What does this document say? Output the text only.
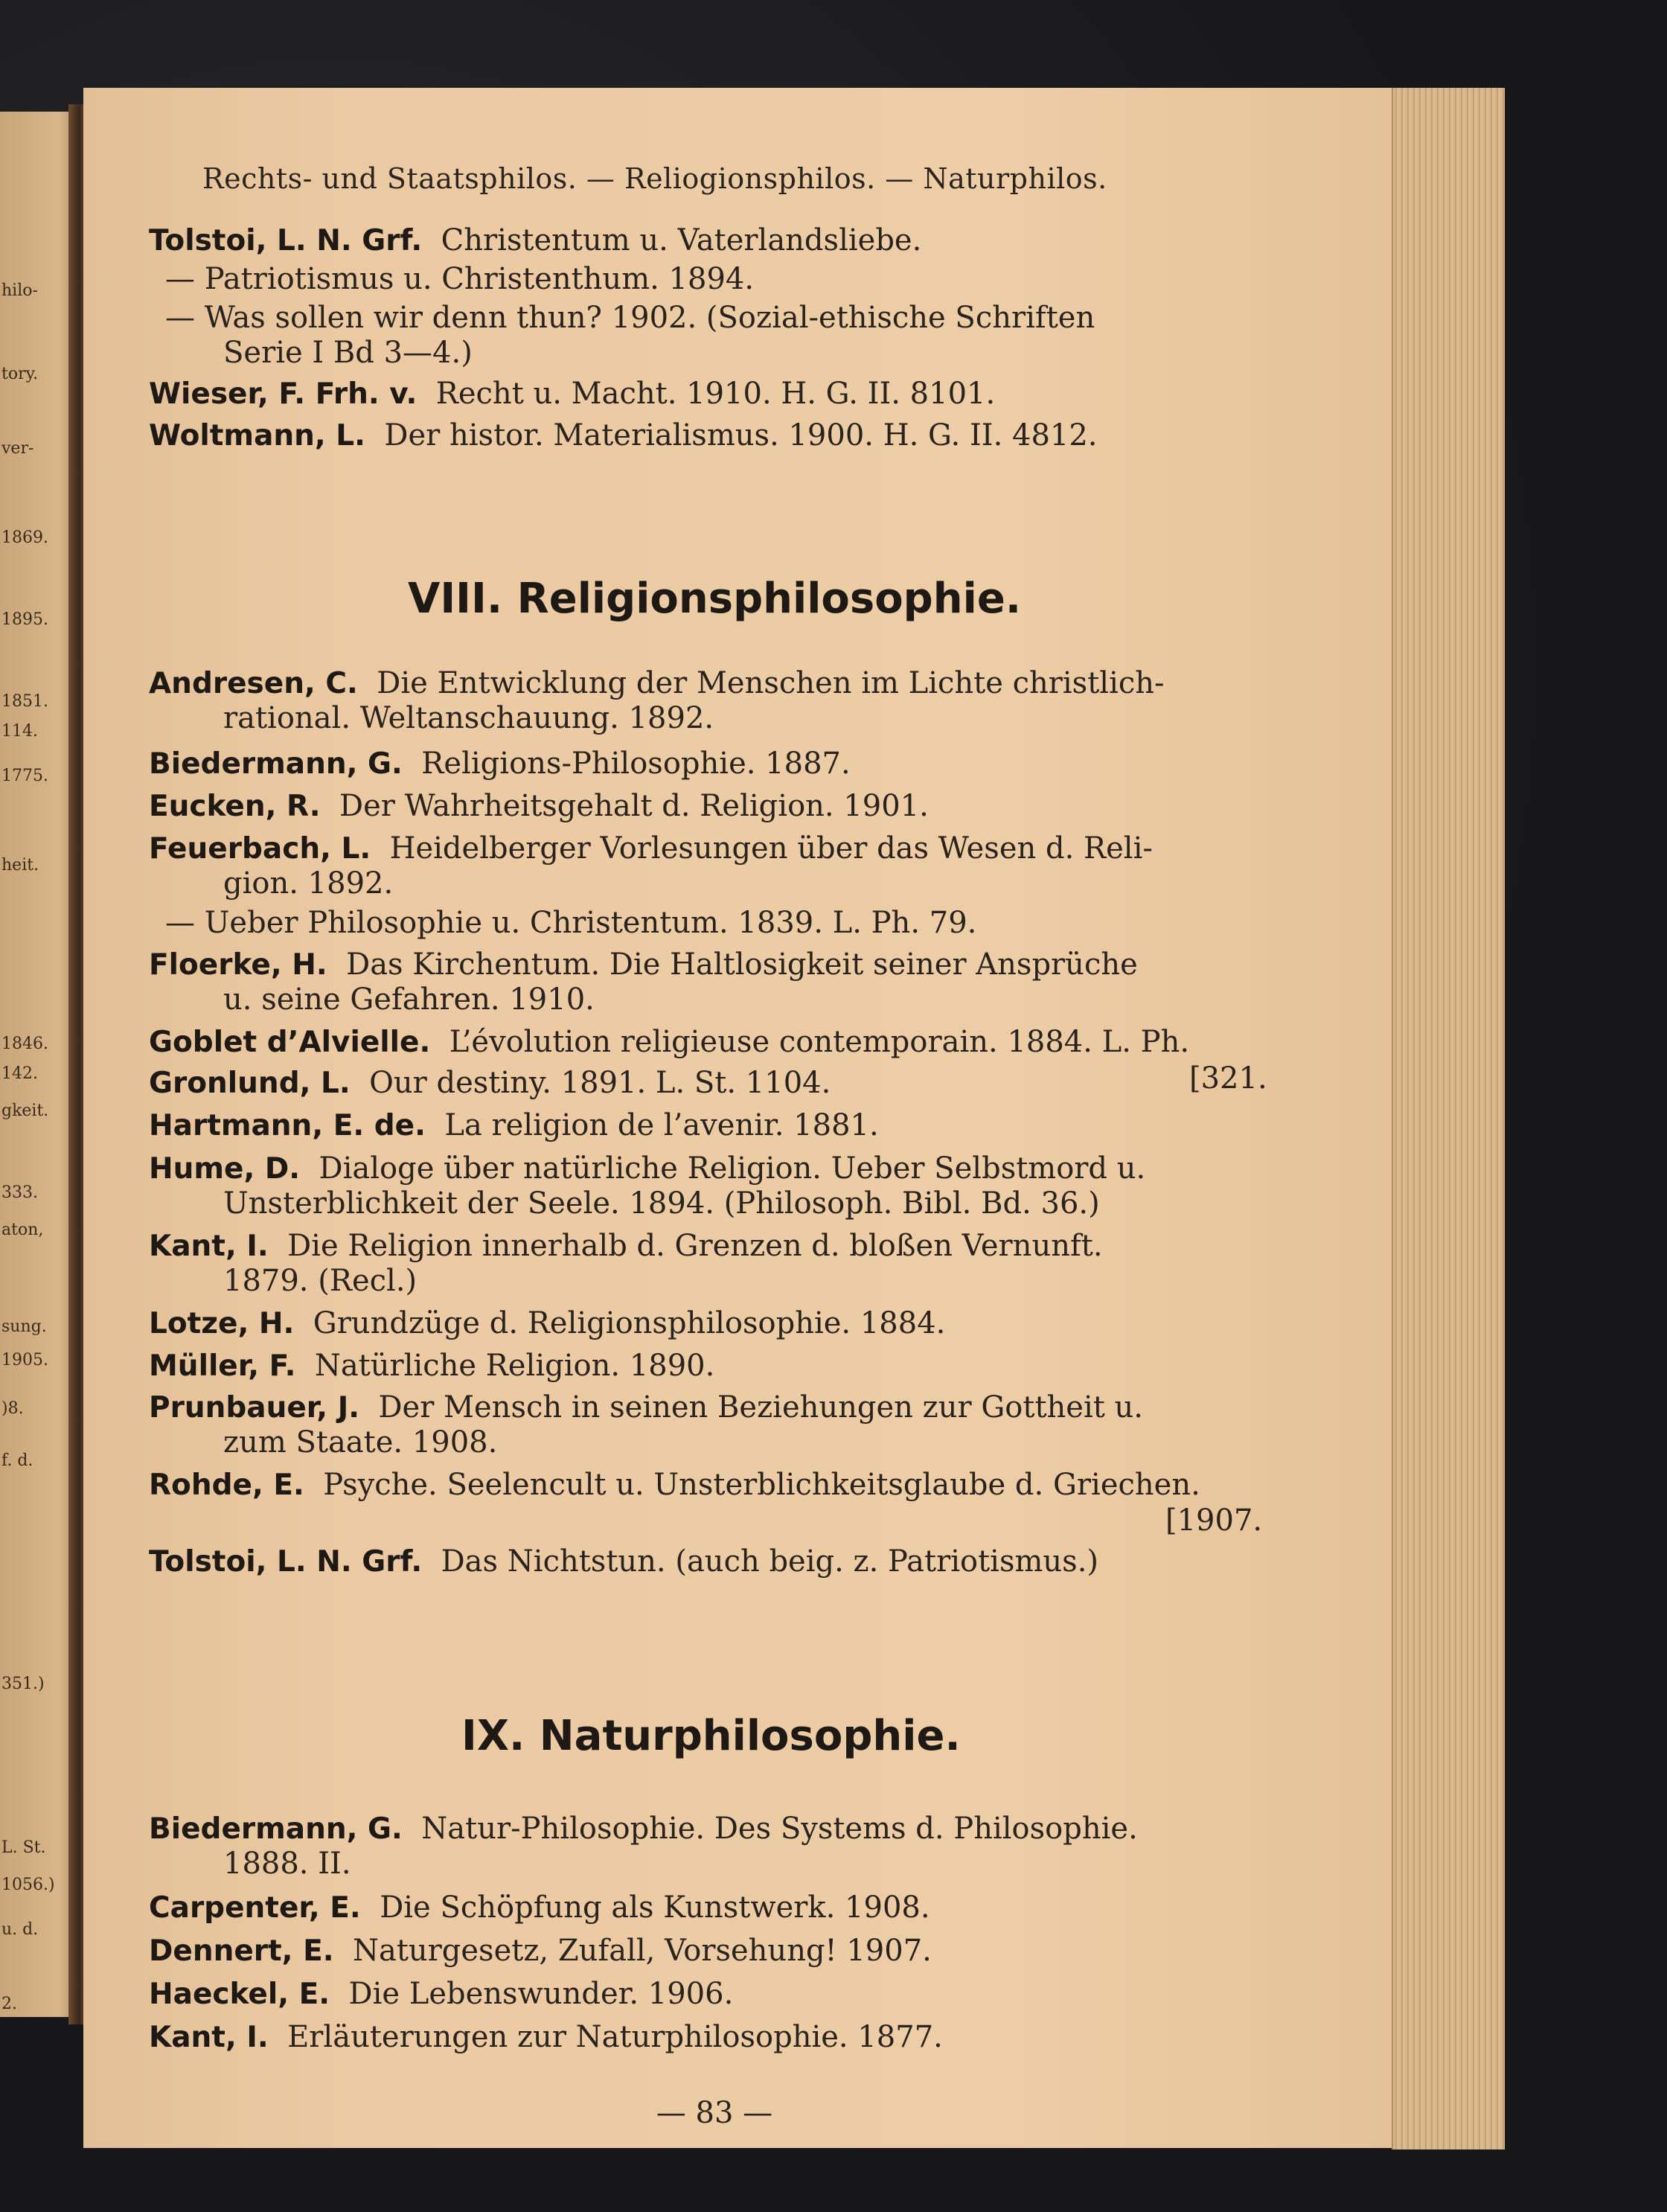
hilo-
tory.
ver-
1869.
1895.
1851.
114.
1775.
heit.
1846.
142.
gkeit.
333.
aton,
sung.
1905.
)8.
f. d.
351.)
L. St.
1056.)
u. d.
2.
Rechts- und Staatsphilos. — Reliogionsphilos. — Naturphilos.
Tolstoi, L. N. Grf. Christentum u. Vaterlandsliebe.
— Patriotismus u. Christenthum. 1894.
— Was sollen wir denn thun? 1902. (Sozial-ethische Schriften
Serie I Bd 3—4.)
Wieser, F. Frh. v. Recht u. Macht. 1910. H. G. II. 8101.
Woltmann, L. Der histor. Materialismus. 1900. H. G. II. 4812.
VIII. Religionsphilosophie.
Andresen, C. Die Entwicklung der Menschen im Lichte christlich-
rational. Weltanschauung. 1892.
Biedermann, G. Religions-Philosophie. 1887.
Eucken, R. Der Wahrheitsgehalt d. Religion. 1901.
Feuerbach, L. Heidelberger Vorlesungen über das Wesen d. Reli-
gion. 1892.
— Ueber Philosophie u. Christentum. 1839. L. Ph. 79.
Floerke, H. Das Kirchentum. Die Haltlosigkeit seiner Ansprüche
u. seine Gefahren. 1910.
Goblet d’Alvielle. L’évolution religieuse contemporain. 1884. L. Ph.
Gronlund, L. Our destiny. 1891. L. St. 1104.	[321.
Hartmann, E. de. La religion de l’avenir. 1881.
Hume, D. Dialoge über natürliche Religion. Ueber Selbstmord u.
Unsterblichkeit der Seele. 1894. (Philosoph. Bibl. Bd. 36.)
Kant, I. Die Religion innerhalb d. Grenzen d. bloßen Vernunft.
1879. (Recl.)
Lotze, H. Grundzüge d. Religionsphilosophie. 1884.
Müller, F. Natürliche Religion. 1890.
Prunbauer, J. Der Mensch in seinen Beziehungen zur Gottheit u.
zum Staate. 1908.
Rohde, E. Psyche. Seelencult u. Unsterblichkeitsglaube d. Griechen.
[1907.
Tolstoi, L. N. Grf. Das Nichtstun. (auch beig. z. Patriotismus.)
IX. Naturphilosophie.
Biedermann, G. Natur-Philosophie. Des Systems d. Philosophie.
1888. II.
Carpenter, E. Die Schöpfung als Kunstwerk. 1908.
Dennert, E. Naturgesetz, Zufall, Vorsehung! 1907.
Haeckel, E. Die Lebenswunder. 1906.
Kant, I. Erläuterungen zur Naturphilosophie. 1877.
— 83 —
